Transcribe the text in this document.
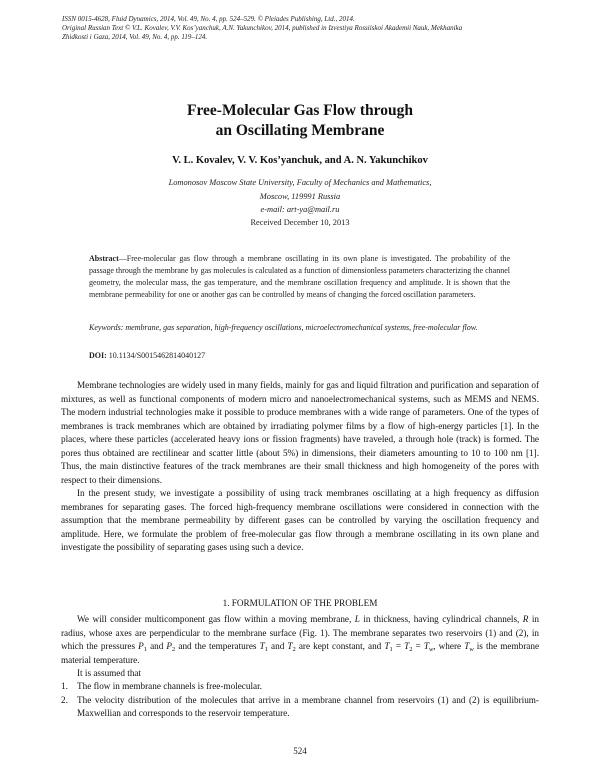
ISSN 0015-4628, Fluid Dynamics, 2014, Vol. 49, No. 4, pp. 524–529. © Pleiades Publishing, Ltd., 2014.
Original Russian Text © V.L. Kovalev, V.V. Kos’yanchuk, A.N. Yakunchikov, 2014, published in Izvestiya Rossiiskoi Akademii Nauk, Mekhanika
Zhidkosti i Gaza, 2014, Vol. 49, No. 4, pp. 119–124.
Free-Molecular Gas Flow through
an Oscillating Membrane
V. L. Kovalev, V. V. Kos’yanchuk, and A. N. Yakunchikov
Lomonosov Moscow State University, Faculty of Mechanics and Mathematics,
Moscow, 119991 Russia
e-mail: art-ya@mail.ru
Received December 10, 2013
Abstract—Free-molecular gas flow through a membrane oscillating in its own plane is investigated. The probability of the passage through the membrane by gas molecules is calculated as a function of dimensionless parameters characterizing the channel geometry, the molecular mass, the gas temperature, and the membrane oscillation frequency and amplitude. It is shown that the membrane permeability for one or another gas can be controlled by means of changing the forced oscillation parameters.
Keywords: membrane, gas separation, high-frequency oscillations, microelectromechanical systems, free-molecular flow.
DOI: 10.1134/S0015462814040127

Membrane technologies are widely used in many fields, mainly for gas and liquid filtration and purification and separation of mixtures, as well as functional components of modern micro and nanoelectromechanical systems, such as MEMS and NEMS. The modern industrial technologies make it possible to produce membranes with a wide range of parameters. One of the types of membranes is track membranes which are obtained by irradiating polymer films by a flow of high-energy particles [1]. In the places, where these particles (accelerated heavy ions or fission fragments) have traveled, a through hole (track) is formed. The pores thus obtained are rectilinear and scatter little (about 5%) in dimensions, their diameters amounting to 10 to 100 nm [1]. Thus, the main distinctive features of the track membranes are their small thickness and high homogeneity of the pores with respect to their dimensions.

In the present study, we investigate a possibility of using track membranes oscillating at a high frequency as diffusion membranes for separating gases. The forced high-frequency membrane oscillations were considered in connection with the assumption that the membrane permeability by different gases can be controlled by varying the oscillation frequency and amplitude. Here, we formulate the problem of free-molecular gas flow through a membrane oscillating in its own plane and investigate the possibility of separating gases using such a device.

1. FORMULATION OF THE PROBLEM

We will consider multicomponent gas flow within a moving membrane, L in thickness, having cylindrical channels, R in radius, whose axes are perpendicular to the membrane surface (Fig. 1). The membrane separates two reservoirs (1) and (2), in which the pressures $P_1$ and $P_2$ and the temperatures $T_1$ and $T_2$ are kept constant, and $T_1 = T_2 = T_w$, where $T_w$ is the membrane material temperature.

It is assumed that

1. The flow in membrane channels is free-molecular.
2. The velocity distribution of the molecules that arrive in a membrane channel from reservoirs (1) and (2) is equilibrium-Maxwellian and corresponds to the reservoir temperature.
524
